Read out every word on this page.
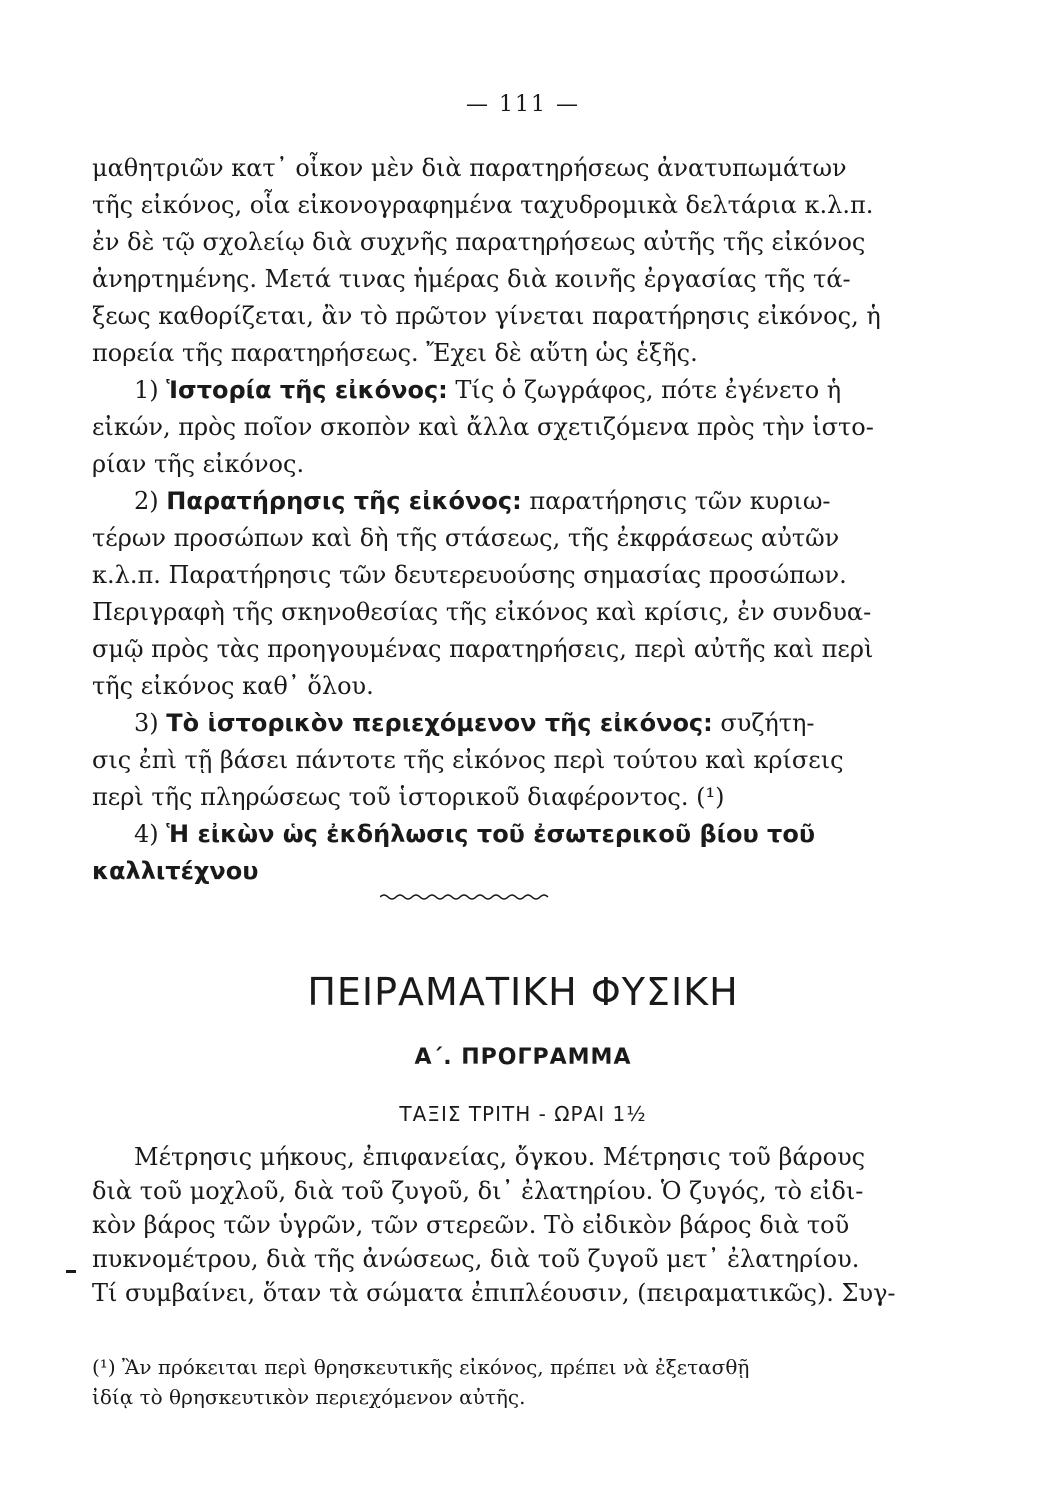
— 111 —
μαθητριῶν κατ᾽ οἶκον μὲν διὰ παρατηρήσεως ἀνατυπωμάτων
τῆς εἰκόνος, οἷα εἰκονογραφημένα ταχυδρομικὰ δελτάρια κ.λ.π.
ἐν δὲ τῷ σχολείῳ διὰ συχνῆς παρατηρήσεως αὐτῆς τῆς εἰκόνος
ἀνηρτημένης. Μετά τινας ἡμέρας διὰ κοινῆς ἐργασίας τῆς τά-
ξεως καθορίζεται, ἂν τὸ πρῶτον γίνεται παρατήρησις εἰκόνος, ἡ
πορεία τῆς παρατηρήσεως. Ἔχει δὲ αὕτη ὡς ἑξῆς.
1) Ἱστορία τῆς εἰκόνος: Τίς ὁ ζωγράφος, πότε ἐγένετο ἡ
εἰκών, πρὸς ποῖον σκοπὸν καὶ ἄλλα σχετιζόμενα πρὸς τὴν ἱστο-
ρίαν τῆς εἰκόνος.
2) Παρατήρησις τῆς εἰκόνος: παρατήρησις τῶν κυριω-
τέρων προσώπων καὶ δὴ τῆς στάσεως, τῆς ἐκφράσεως αὐτῶν
κ.λ.π. Παρατήρησις τῶν δευτερευούσης σημασίας προσώπων.
Περιγραφὴ τῆς σκηνοθεσίας τῆς εἰκόνος καὶ κρίσις, ἐν συνδυα-
σμῷ πρὸς τὰς προηγουμένας παρατηρήσεις, περὶ αὐτῆς καὶ περὶ
τῆς εἰκόνος καθ᾽ ὅλου.
3) Τὸ ἱστορικὸν περιεχόμενον τῆς εἰκόνος: συζήτη-
σις ἐπὶ τῇ βάσει πάντοτε τῆς εἰκόνος περὶ τούτου καὶ κρίσεις
περὶ τῆς πληρώσεως τοῦ ἱστορικοῦ διαφέροντος. (¹)
4) Ἡ εἰκὼν ὡς ἐκδήλωσις τοῦ ἐσωτερικοῦ βίου τοῦ
καλλιτέχνου
ΠΕΙΡΑΜΑΤΙΚΗ ΦΥΣΙΚΗ
Α΄. ΠΡΟΓΡΑΜΜΑ
ΤΑΞΙΣ ΤΡΙΤΗ - ΩΡΑΙ 1½
Μέτρησις μήκους, ἐπιφανείας, ὄγκου. Μέτρησις τοῦ βάρους
διὰ τοῦ μοχλοῦ, διὰ τοῦ ζυγοῦ, δι᾽ ἐλατηρίου. Ὁ ζυγός, τὸ εἰδι-
κὸν βάρος τῶν ὑγρῶν, τῶν στερεῶν. Τὸ εἰδικὸν βάρος διὰ τοῦ
πυκνομέτρου, διὰ τῆς ἀνώσεως, διὰ τοῦ ζυγοῦ μετ᾽ ἐλατηρίου.
Τί συμβαίνει, ὅταν τὰ σώματα ἐπιπλέουσιν, (πειραματικῶς). Συγ-
(¹) Ἂν πρόκειται περὶ θρησκευτικῆς εἰκόνος, πρέπει νὰ ἐξετασθῇ
ἰδίᾳ τὸ θρησκευτικὸν περιεχόμενον αὐτῆς.
